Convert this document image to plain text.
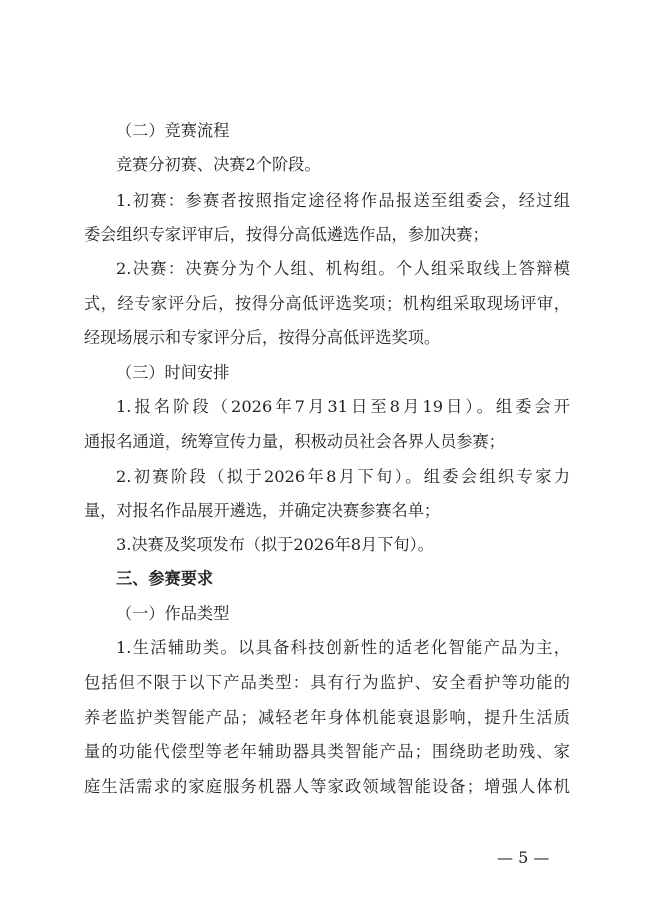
（二）竞赛流程
竞赛分初赛、决赛2个阶段。
1.初赛：参赛者按照指定途径将作品报送至组委会，经过组
委会组织专家评审后，按得分高低遴选作品，参加决赛；
2.决赛：决赛分为个人组、机构组。个人组采取线上答辩模
式，经专家评分后，按得分高低评选奖项；机构组采取现场评审，
经现场展示和专家评分后，按得分高低评选奖项。
（三）时间安排
1.报名阶段（2026年7月31日至8月19日）。组委会开
通报名通道，统筹宣传力量，积极动员社会各界人员参赛；
2.初赛阶段（拟于2026年8月下旬）。组委会组织专家力
量，对报名作品展开遴选，并确定决赛参赛名单；
3.决赛及奖项发布（拟于2026年8月下旬）。
三、参赛要求
（一）作品类型
1.生活辅助类。以具备科技创新性的适老化智能产品为主，
包括但不限于以下产品类型：具有行为监护、安全看护等功能的
养老监护类智能产品；减轻老年身体机能衰退影响，提升生活质
量的功能代偿型等老年辅助器具类智能产品；围绕助老助残、家
庭生活需求的家庭服务机器人等家政领域智能设备；增强人体机
— 5 —
